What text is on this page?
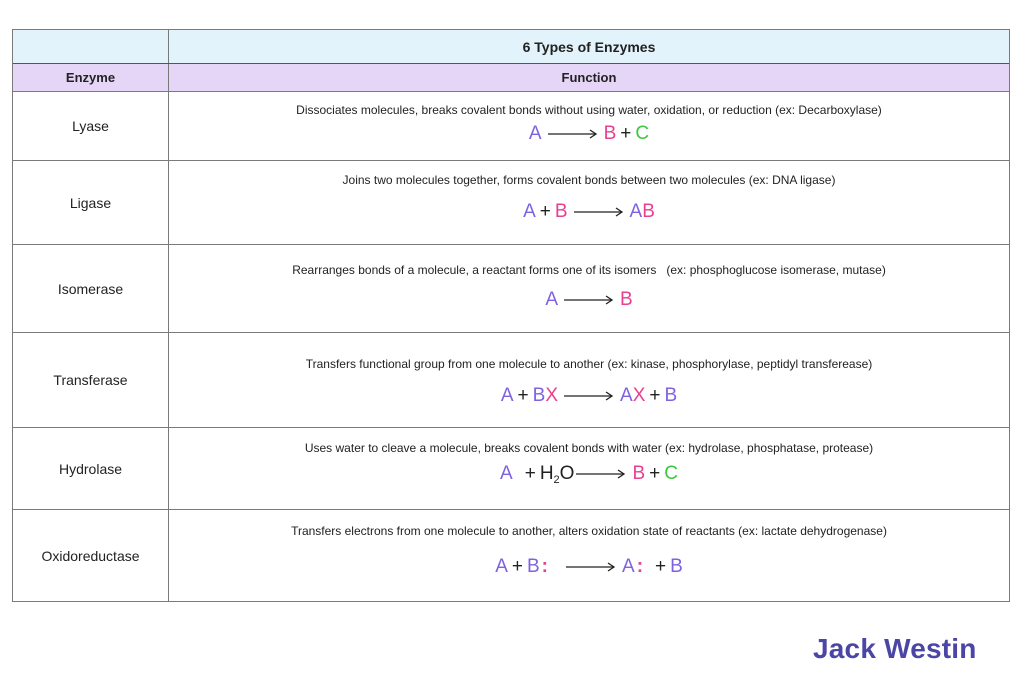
6 Types of Enzymes
Enzyme	Function
Lyase
Dissociates molecules, breaks covalent bonds without using water, oxidation, or reduction (ex: Decarboxylase)
A → B + C
Ligase
Joins two molecules together, forms covalent bonds between two molecules (ex: DNA ligase)
A + B → A B
Isomerase
Rearranges bonds of a molecule, a reactant forms one of its isomers   (ex: phosphoglucose isomerase, mutase)
A → B
Transferase
Transfers functional group from one molecule to another (ex: kinase, phosphorylase, peptidyl transferease)
A + B X → A X + B
Hydrolase
Uses water to cleave a molecule, breaks covalent bonds with water (ex: hydrolase, phosphatase, protease)
A + H 2 O → B + C
Oxidoreductase
Transfers electrons from one molecule to another, alters oxidation state of reactants (ex: lactate dehydrogenase)
A + B : → A : + B
Jack Westin
